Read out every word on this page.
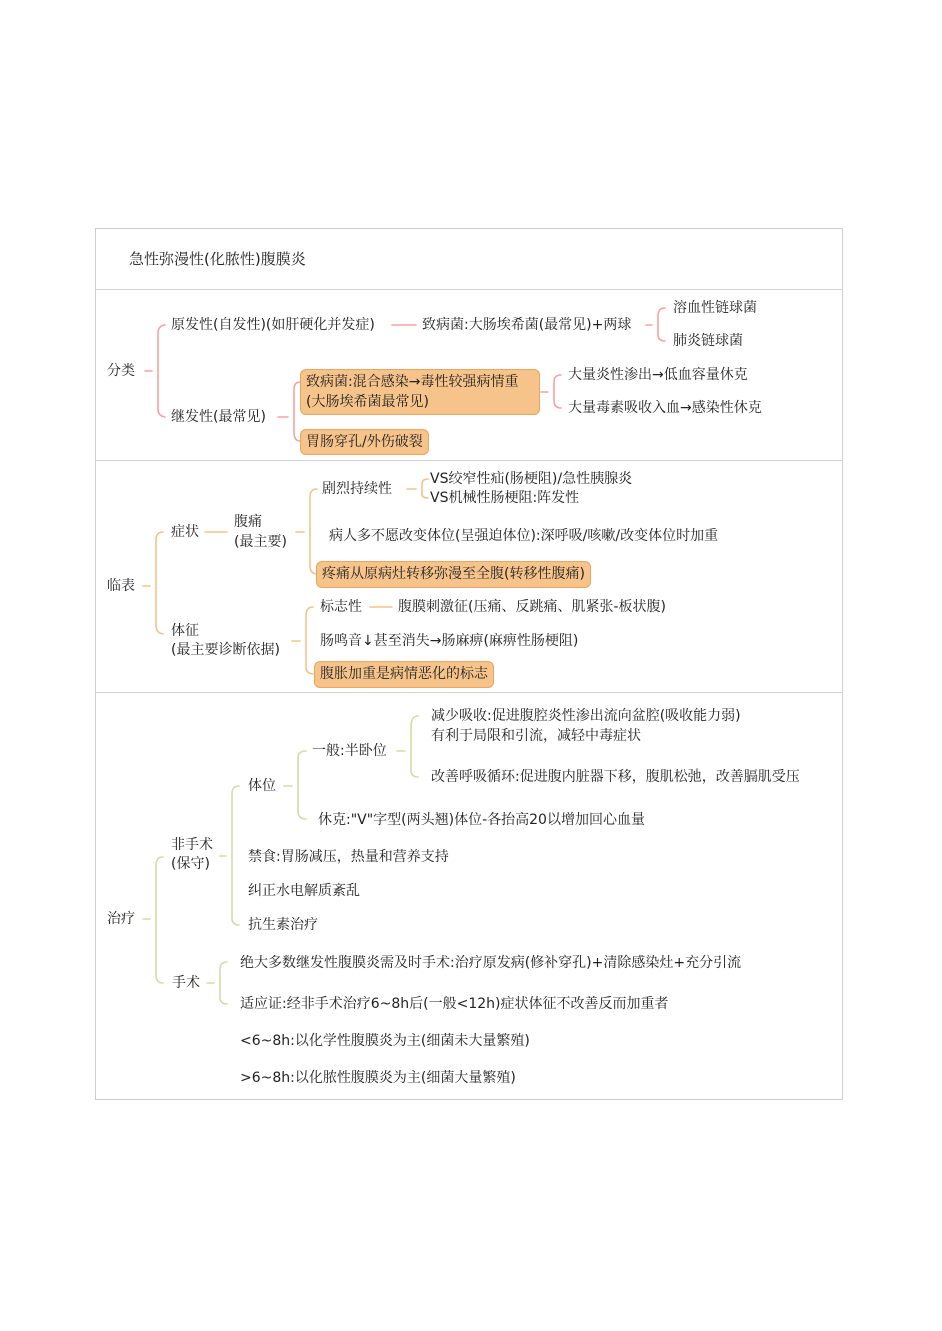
急性弥漫性(化脓性)腹膜炎
分类
原发性(自发性)(如肝硬化并发症)	致病菌:大肠埃希菌(最常见)+两球
溶血性链球菌
肺炎链球菌
继发性(最常见)
致病菌:混合感染→毒性较强病情重(大肠埃希菌最常见)
大量炎性渗出→低血容量休克
大量毒素吸收入血→感染性休克
胃肠穿孔/外伤破裂
临表
症状
腹痛
(最主要)
剧烈持续性
VS绞窄性疝(肠梗阻)/急性胰腺炎
VS机械性肠梗阻:阵发性
病人多不愿改变体位(呈强迫体位):深呼吸/咳嗽/改变体位时加重
疼痛从原病灶转移弥漫至全腹(转移性腹痛)
体征
(最主要诊断依据)
标志性	腹膜刺激征(压痛、反跳痛、肌紧张-板状腹)
肠鸣音↓甚至消失→肠麻痹(麻痹性肠梗阻)
腹胀加重是病情恶化的标志
治疗
非手术
(保守)
体位
一般:半卧位
减少吸收:促进腹腔炎性渗出流向盆腔(吸收能力弱)
有利于局限和引流，减轻中毒症状
改善呼吸循环:促进腹内脏器下移，腹肌松弛，改善膈肌受压
休克:"V"字型(两头翘)体位-各抬高20以增加回心血量
禁食:胃肠减压，热量和营养支持
纠正水电解质紊乱
抗生素治疗
手术
绝大多数继发性腹膜炎需及时手术:治疗原发病(修补穿孔)+清除感染灶+充分引流
适应证:经非手术治疗6~8h后(一般<12h)症状体征不改善反而加重者
<6~8h:以化学性腹膜炎为主(细菌未大量繁殖)
>6~8h:以化脓性腹膜炎为主(细菌大量繁殖)
